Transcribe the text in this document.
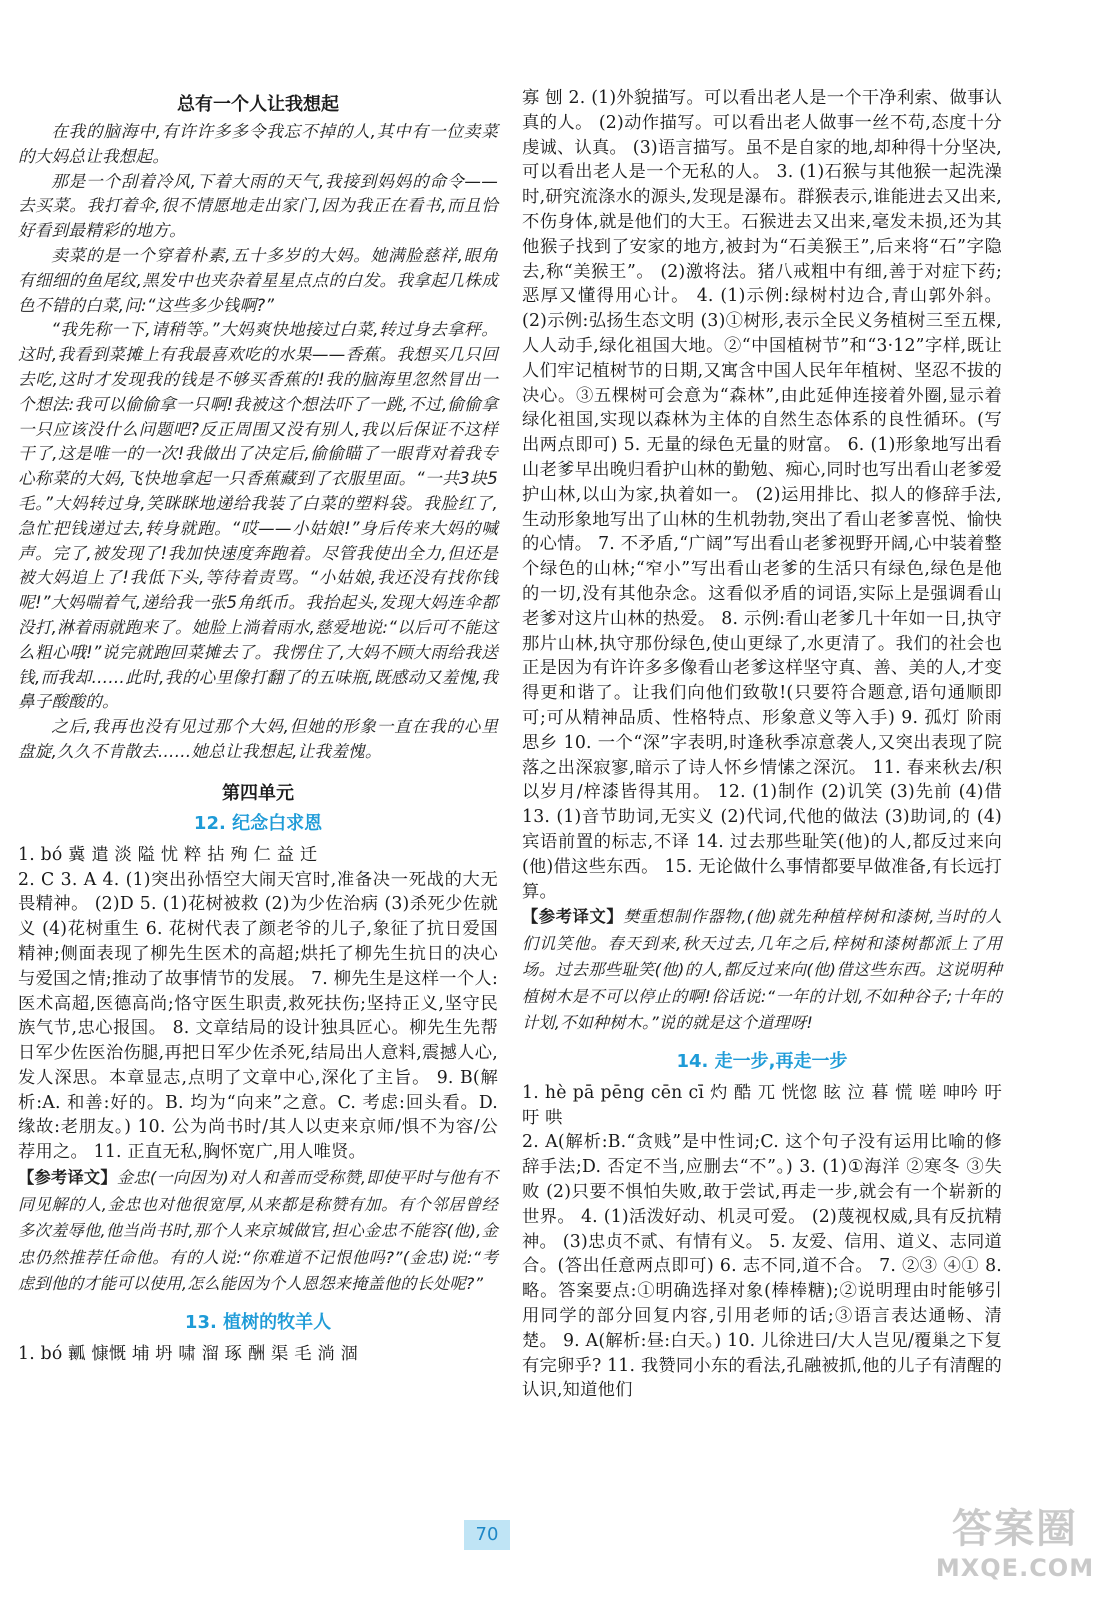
总有一个人让我想起

在我的脑海中,有许许多多令我忘不掉的人,其中有一位卖菜的大妈总让我想起。

那是一个刮着冷风,下着大雨的天气,我接到妈妈的命令——去买菜。我打着伞,很不情愿地走出家门,因为我正在看书,而且恰好看到最精彩的地方。

卖菜的是一个穿着朴素,五十多岁的大妈。她满脸慈祥,眼角有细细的鱼尾纹,黑发中也夹杂着星星点点的白发。我拿起几株成色不错的白菜,问:“这些多少钱啊?”

“我先称一下,请稍等。”大妈爽快地接过白菜,转过身去拿秤。这时,我看到菜摊上有我最喜欢吃的水果——香蕉。我想买几只回去吃,这时才发现我的钱是不够买香蕉的!我的脑海里忽然冒出一个想法:我可以偷偷拿一只啊!我被这个想法吓了一跳,不过,偷偷拿一只应该没什么问题吧?反正周围又没有别人,我以后保证不这样干了,这是唯一的一次!我做出了决定后,偷偷瞄了一眼背对着我专心称菜的大妈,飞快地拿起一只香蕉藏到了衣服里面。“一共3块5毛。”大妈转过身,笑眯眯地递给我装了白菜的塑料袋。我脸红了,急忙把钱递过去,转身就跑。“哎——小姑娘!”身后传来大妈的喊声。完了,被发现了!我加快速度奔跑着。尽管我使出全力,但还是被大妈追上了!我低下头,等待着责骂。“小姑娘,我还没有找你钱呢!”大妈喘着气,递给我一张5角纸币。我抬起头,发现大妈连伞都没打,淋着雨就跑来了。她脸上淌着雨水,慈爱地说:“以后可不能这么粗心哦!”说完就跑回菜摊去了。我愣住了,大妈不顾大雨给我送钱,而我却……此时,我的心里像打翻了的五味瓶,既感动又羞愧,我鼻子酸酸的。

之后,我再也没有见过那个大妈,但她的形象一直在我的心里盘旋,久久不肯散去……她总让我想起,让我羞愧。

第四单元
12. 纪念白求恩

1. bó 冀 遣 淡 隘 忧 粹 拈 殉 仁 益 迁

2. C 3. A 4. (1)突出孙悟空大闹天宫时,准备决一死战的大无畏精神。 (2)D 5. (1)花树被救 (2)为少佐治病 (3)杀死少佐就义 (4)花树重生 6. 花树代表了颜老爷的儿子,象征了抗日爱国精神;侧面表现了柳先生医术的高超;烘托了柳先生抗日的决心与爱国之情;推动了故事情节的发展。 7. 柳先生是这样一个人:医术高超,医德高尚;恪守医生职责,救死扶伤;坚持正义,坚守民族气节,忠心报国。 8. 文章结局的设计独具匠心。柳先生先帮日军少佐医治伤腿,再把日军少佐杀死,结局出人意料,震撼人心,发人深思。本章显志,点明了文章中心,深化了主旨。 9. B(解析:A. 和善:好的。B. 均为“向来”之意。C. 考虑:回头看。D. 缘故:老朋友。) 10. 公为尚书时/其人以吏来京师/惧不为容/公荐用之。 11. 正直无私,胸怀宽广,用人唯贤。

【参考译文】金忠(一向因为)对人和善而受称赞,即使平时与他有不同见解的人,金忠也对他很宽厚,从来都是称赞有加。有个邻居曾经多次羞辱他,他当尚书时,那个人来京城做官,担心金忠不能容(他),金忠仍然推荐任命他。有的人说:“你难道不记恨他吗?”(金忠)说:“考虑到他的才能可以使用,怎么能因为个人恩怨来掩盖他的长处呢?”

13. 植树的牧羊人

1. bó 瓤 慷慨 埔 坍 啸 溜 琢 酬 渠 毛 淌 涸

寡 刨 2. (1)外貌描写。可以看出老人是一个干净利索、做事认真的人。 (2)动作描写。可以看出老人做事一丝不苟,态度十分虔诚、认真。 (3)语言描写。虽不是自家的地,却种得十分坚决,可以看出老人是一个无私的人。 3. (1)石猴与其他猴一起洗澡时,研究流涤水的源头,发现是瀑布。群猴表示,谁能进去又出来,不伤身体,就是他们的大王。石猴进去又出来,毫发未损,还为其他猴子找到了安家的地方,被封为“石美猴王”,后来将“石”字隐去,称“美猴王”。 (2)激将法。猪八戒粗中有细,善于对症下药;恶厚又懂得用心计。 4. (1)示例:绿树村边合,青山郭外斜。 (2)示例:弘扬生态文明 (3)①树形,表示全民义务植树三至五棵,人人动手,绿化祖国大地。②“中国植树节”和“3·12”字样,既让人们牢记植树节的日期,又寓含中国人民年年植树、坚忍不拔的决心。③五棵树可会意为“森林”,由此延伸连接着外圈,显示着绿化祖国,实现以森林为主体的自然生态体系的良性循环。(写出两点即可) 5. 无量的绿色无量的财富。 6. (1)形象地写出看山老爹早出晚归看护山林的勤勉、痴心,同时也写出看山老爹爱护山林,以山为家,执着如一。 (2)运用排比、拟人的修辞手法,生动形象地写出了山林的生机勃勃,突出了看山老爹喜悦、愉快的心情。 7. 不矛盾,“广阔”写出看山老爹视野开阔,心中装着整个绿色的山林;“窄小”写出看山老爹的生活只有绿色,绿色是他的一切,没有其他杂念。这看似矛盾的词语,实际上是强调看山老爹对这片山林的热爱。 8. 示例:看山老爹几十年如一日,执守那片山林,执守那份绿色,使山更绿了,水更清了。我们的社会也正是因为有许许多多像看山老爹这样坚守真、善、美的人,才变得更和谐了。让我们向他们致敬!(只要符合题意,语句通顺即可;可从精神品质、性格特点、形象意义等入手) 9. 孤灯 阶雨 思乡 10. 一个“深”字表明,时逢秋季凉意袭人,又突出表现了院落之出深寂寥,暗示了诗人怀乡情愫之深沉。 11. 春来秋去/积以岁月/梓漆皆得其用。 12. (1)制作 (2)讥笑 (3)先前 (4)借 13. (1)音节助词,无实义 (2)代词,代他的做法 (3)助词,的 (4)宾语前置的标志,不译 14. 过去那些耻笑(他)的人,都反过来向(他)借这些东西。 15. 无论做什么事情都要早做准备,有长远打算。

【参考译文】樊重想制作器物,(他)就先种植梓树和漆树,当时的人们讥笑他。春天到来,秋天过去,几年之后,梓树和漆树都派上了用场。过去那些耻笑(他)的人,都反过来向(他)借这些东西。这说明种植树木是不可以停止的啊!俗话说:“一年的计划,不如种谷子;十年的计划,不如种树木。”说的就是这个道理呀!

14. 走一步,再走一步

1. hè pā pēng cēn cī 灼 酷 兀 恍惚 眩 泣 暮 慌 嗟 呻吟 吁吁 哄

2. A(解析:B.“贪贱”是中性词;C. 这个句子没有运用比喻的修辞手法;D. 否定不当,应删去“不”。) 3. (1)①海洋 ②寒冬 ③失败 (2)只要不惧怕失败,敢于尝试,再走一步,就会有一个崭新的世界。 4. (1)活泼好动、机灵可爱。 (2)蔑视权威,具有反抗精神。 (3)忠贞不贰、有情有义。 5. 友爱、信用、道义、志同道合。(答出任意两点即可) 6. 志不同,道不合。 7. ②③ ④① 8. 略。答案要点:①明确选择对象(棒棒糖);②说明理由时能够引用同学的部分回复内容,引用老师的话;③语言表达通畅、清楚。 9. A(解析:昼:白天。) 10. 儿徐进曰/大人岂见/覆巢之下复有完卵乎? 11. 我赞同小东的看法,孔融被抓,他的儿子有清醒的认识,知道他们

70	答案圈
MXQE.COM
